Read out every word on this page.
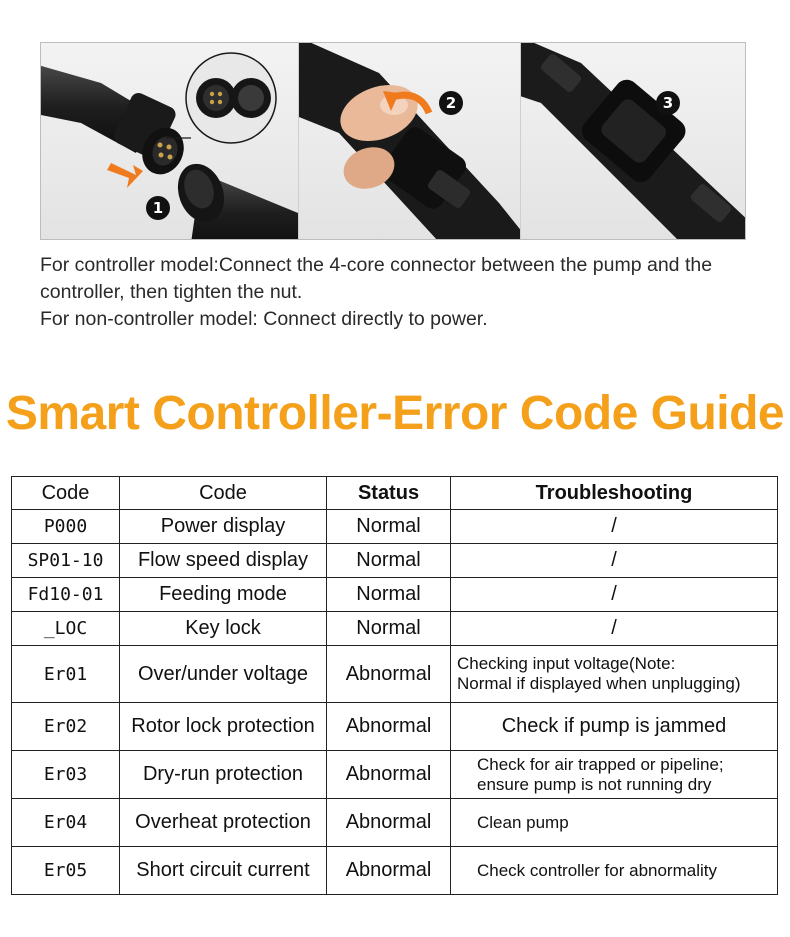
1
2	3

For controller model:Connect the 4-core connector between the pump and the controller, then tighten the nut.

For non-controller model: Connect directly to power.

Smart Controller-Error Code Guide
Code	Code	Status	Troubleshooting
P000	Power display	Normal	/
SP01-10	Flow speed display	Normal	/
Fd10-01	Feeding mode	Normal	/
_LOC	Key lock	Normal	/
Er01	Over/under voltage	Abnormal	Checking input voltage(Note:
Normal if displayed when unplugging)

Er02	Rotor lock protection	Abnormal	Check if pump is jammed
Er03	Dry-run protection	Abnormal	Check for air trapped or pipeline;
ensure pump is not running dry

Er04	Overheat protection	Abnormal	Clean pump
Er05	Short circuit current	Abnormal	Check controller for abnormality
